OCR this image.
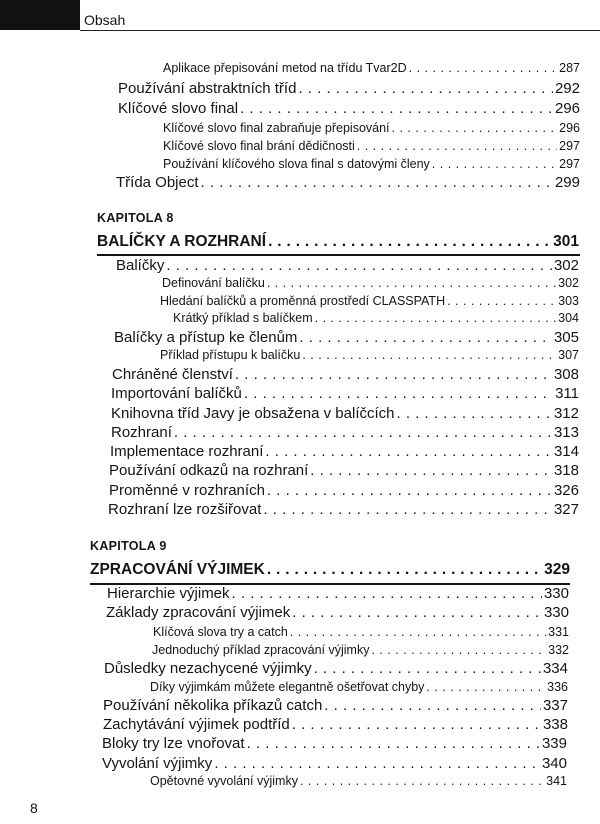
Obsah
Aplikace přepisování metod na třídu Tvar2D . . .	287
Používání abstraktních tříd . . .	292
Klíčové slovo final . . .	296
Klíčové slovo final zabraňuje přepisování . . .	296
Klíčové slovo final brání dědičnosti . . .	297
Používání klíčového slova final s datovými členy . . .	297
Třída Object . . .	299
KAPITOLA 8
BALÍČKY A ROZHRANÍ . . .	301
Balíčky . . .	302
Definování balíčku . . .	302
Hledání balíčků a proměnná prostředí CLASSPATH . . .	303
Krátký příklad s balíčkem . . .	304
Balíčky a přístup ke členům . . .	305
Příklad přístupu k balíčku . . .	307
Chráněné členství . . .	308
Importování balíčků . . .	311
Knihovna tříd Javy je obsažena v balíčcích . . .	312
Rozhraní . . .	313
Implementace rozhraní . . .	314
Používání odkazů na rozhraní . . .	318
Proměnné v rozhraních . . .	326
Rozhraní lze rozšiřovat . . .	327
KAPITOLA 9
ZPRACOVÁNÍ VÝJIMEK . . .	329
Hierarchie výjimek . . .	330
Základy zpracování výjimek . . .	330
Klíčová slova try a catch . . .	331
Jednoduchý příklad zpracování výjimky . . .	332
Důsledky nezachycené výjimky . . .	334
Díky výjimkám můžete elegantně ošetřovat chyby . . .	336
Používání několika příkazů catch . . .	337
Zachytávání výjimek podtříd . . .	338
Bloky try lze vnořovat . . .	339
Vyvolání výjimky . . .	340
Opětovné vyvolání výjimky . . .	341
8
